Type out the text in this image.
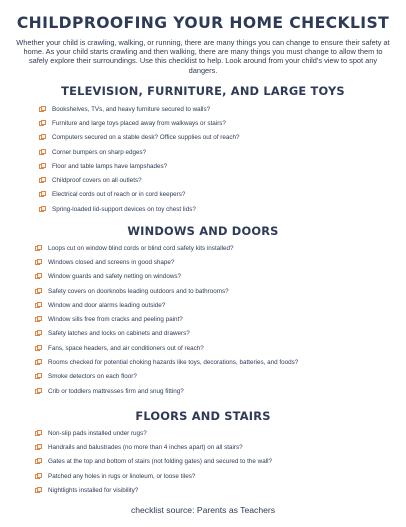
CHILDPROOFING YOUR HOME CHECKLIST
Whether your child is crawling, walking, or running, there are many things you can change to ensure their safety at home. As your child starts crawling and then walking, there are many things you must change to allow them to safely explore their surroundings. Use this checklist to help. Look around from your child's view to spot any dangers.
TELEVISION, FURNITURE, AND LARGE TOYS
Bookshelves, TVs, and heavy furniture secured to walls?
Furniture and large toys placed away from walkways or stairs?
Computers secured on a stable desk? Office supplies out of reach?
Corner bumpers on sharp edges?
Floor and table lamps have lampshades?
Childproof covers on all outlets?
Electrical cords out of reach or in cord keepers?
Spring-loaded lid-support devices on toy chest lids?
WINDOWS AND DOORS
Loops cut on window blind cords or blind cord safety kits installed?
Windows closed and screens in good shape?
Window guards and safety netting on windows?
Safety covers on doorknobs leading outdoors and to bathrooms?
Window and door alarms leading outside?
Window sills free from cracks and peeling paint?
Safety latches and locks on cabinets and drawers?
Fans, space headers, and air conditioners out of reach?
Rooms checked for potential choking hazards like toys, decorations, batteries, and foods?
Smoke detectors on each floor?
Crib or toddlers mattresses firm and snug fitting?
FLOORS AND STAIRS
Non-slip pads installed under rugs?
Handrails and balustrades (no more than 4 inches apart) on all stairs?
Gates at the top and bottom of stairs (not folding gates) and secured to the wall?
Patched any holes in rugs or linoleum, or loose tiles?
Nightlights installed for visibility?
checklist source: Parents as Teachers
